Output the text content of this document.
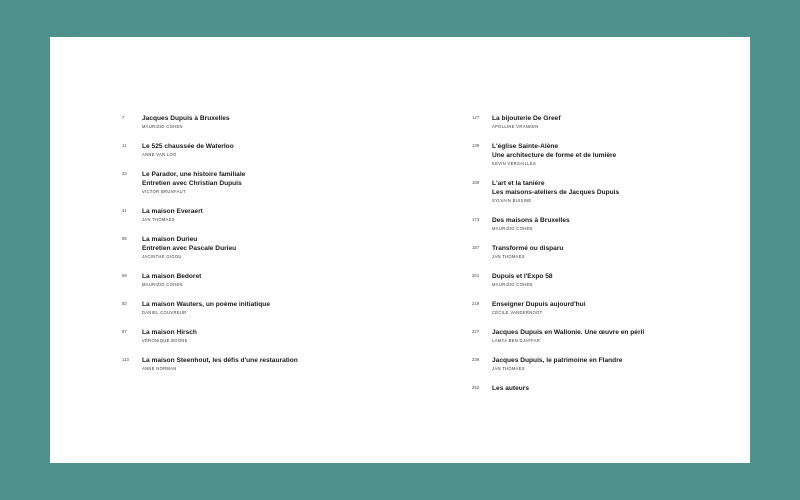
7	Jacques Dupuis à Bruxelles
MAURIZIO COHEN
11 Le 525 chaussée de Waterloo
ANNE VAN LOO
23 Le Parador, une histoire familiale
Entretien avec Christian Dupuis
VICTOR BRUNFAUT
41 La maison Everaert
JAN THOMAES
55 La maison Durieu
Entretien avec Pascale Durieu
JACINTHE GIGOU
69 La maison Bedoret
MAURIZIO COHEN
83 La maison Wauters, un poème initiatique
DANIEL COUVREUR
97 La maison Hirsch
VÉRONIQUE BOONE
113 La maison Steenhout, les défis d'une restauration
ANNE NORMAN
127 La bijouterie De Greef
APOLLINE VRANKEN
139 L'église Sainte-Alène
Une architecture de forme et de lumière
KEVIN VERSAILLES
159 L'art et la tanière
Les maisons-ateliers de Jacques Dupuis
SYLVAIN BUISINE
173 Des maisons à Bruxelles
MAURIZIO COHEN
187 Transformé ou disparu
JAN THOMAES
201 Dupuis et l'Expo 58
MAURIZIO COHEN
219 Enseigner Dupuis aujourd'hui
CÉCILE VANDERNOOT
227 Jacques Dupuis en Wallonie. Une œuvre en péril
LAMYA BEN DJAFFAR
239 Jacques Dupuis, le patrimoine en Flandre
JAN THOMAES
252 Les auteurs
